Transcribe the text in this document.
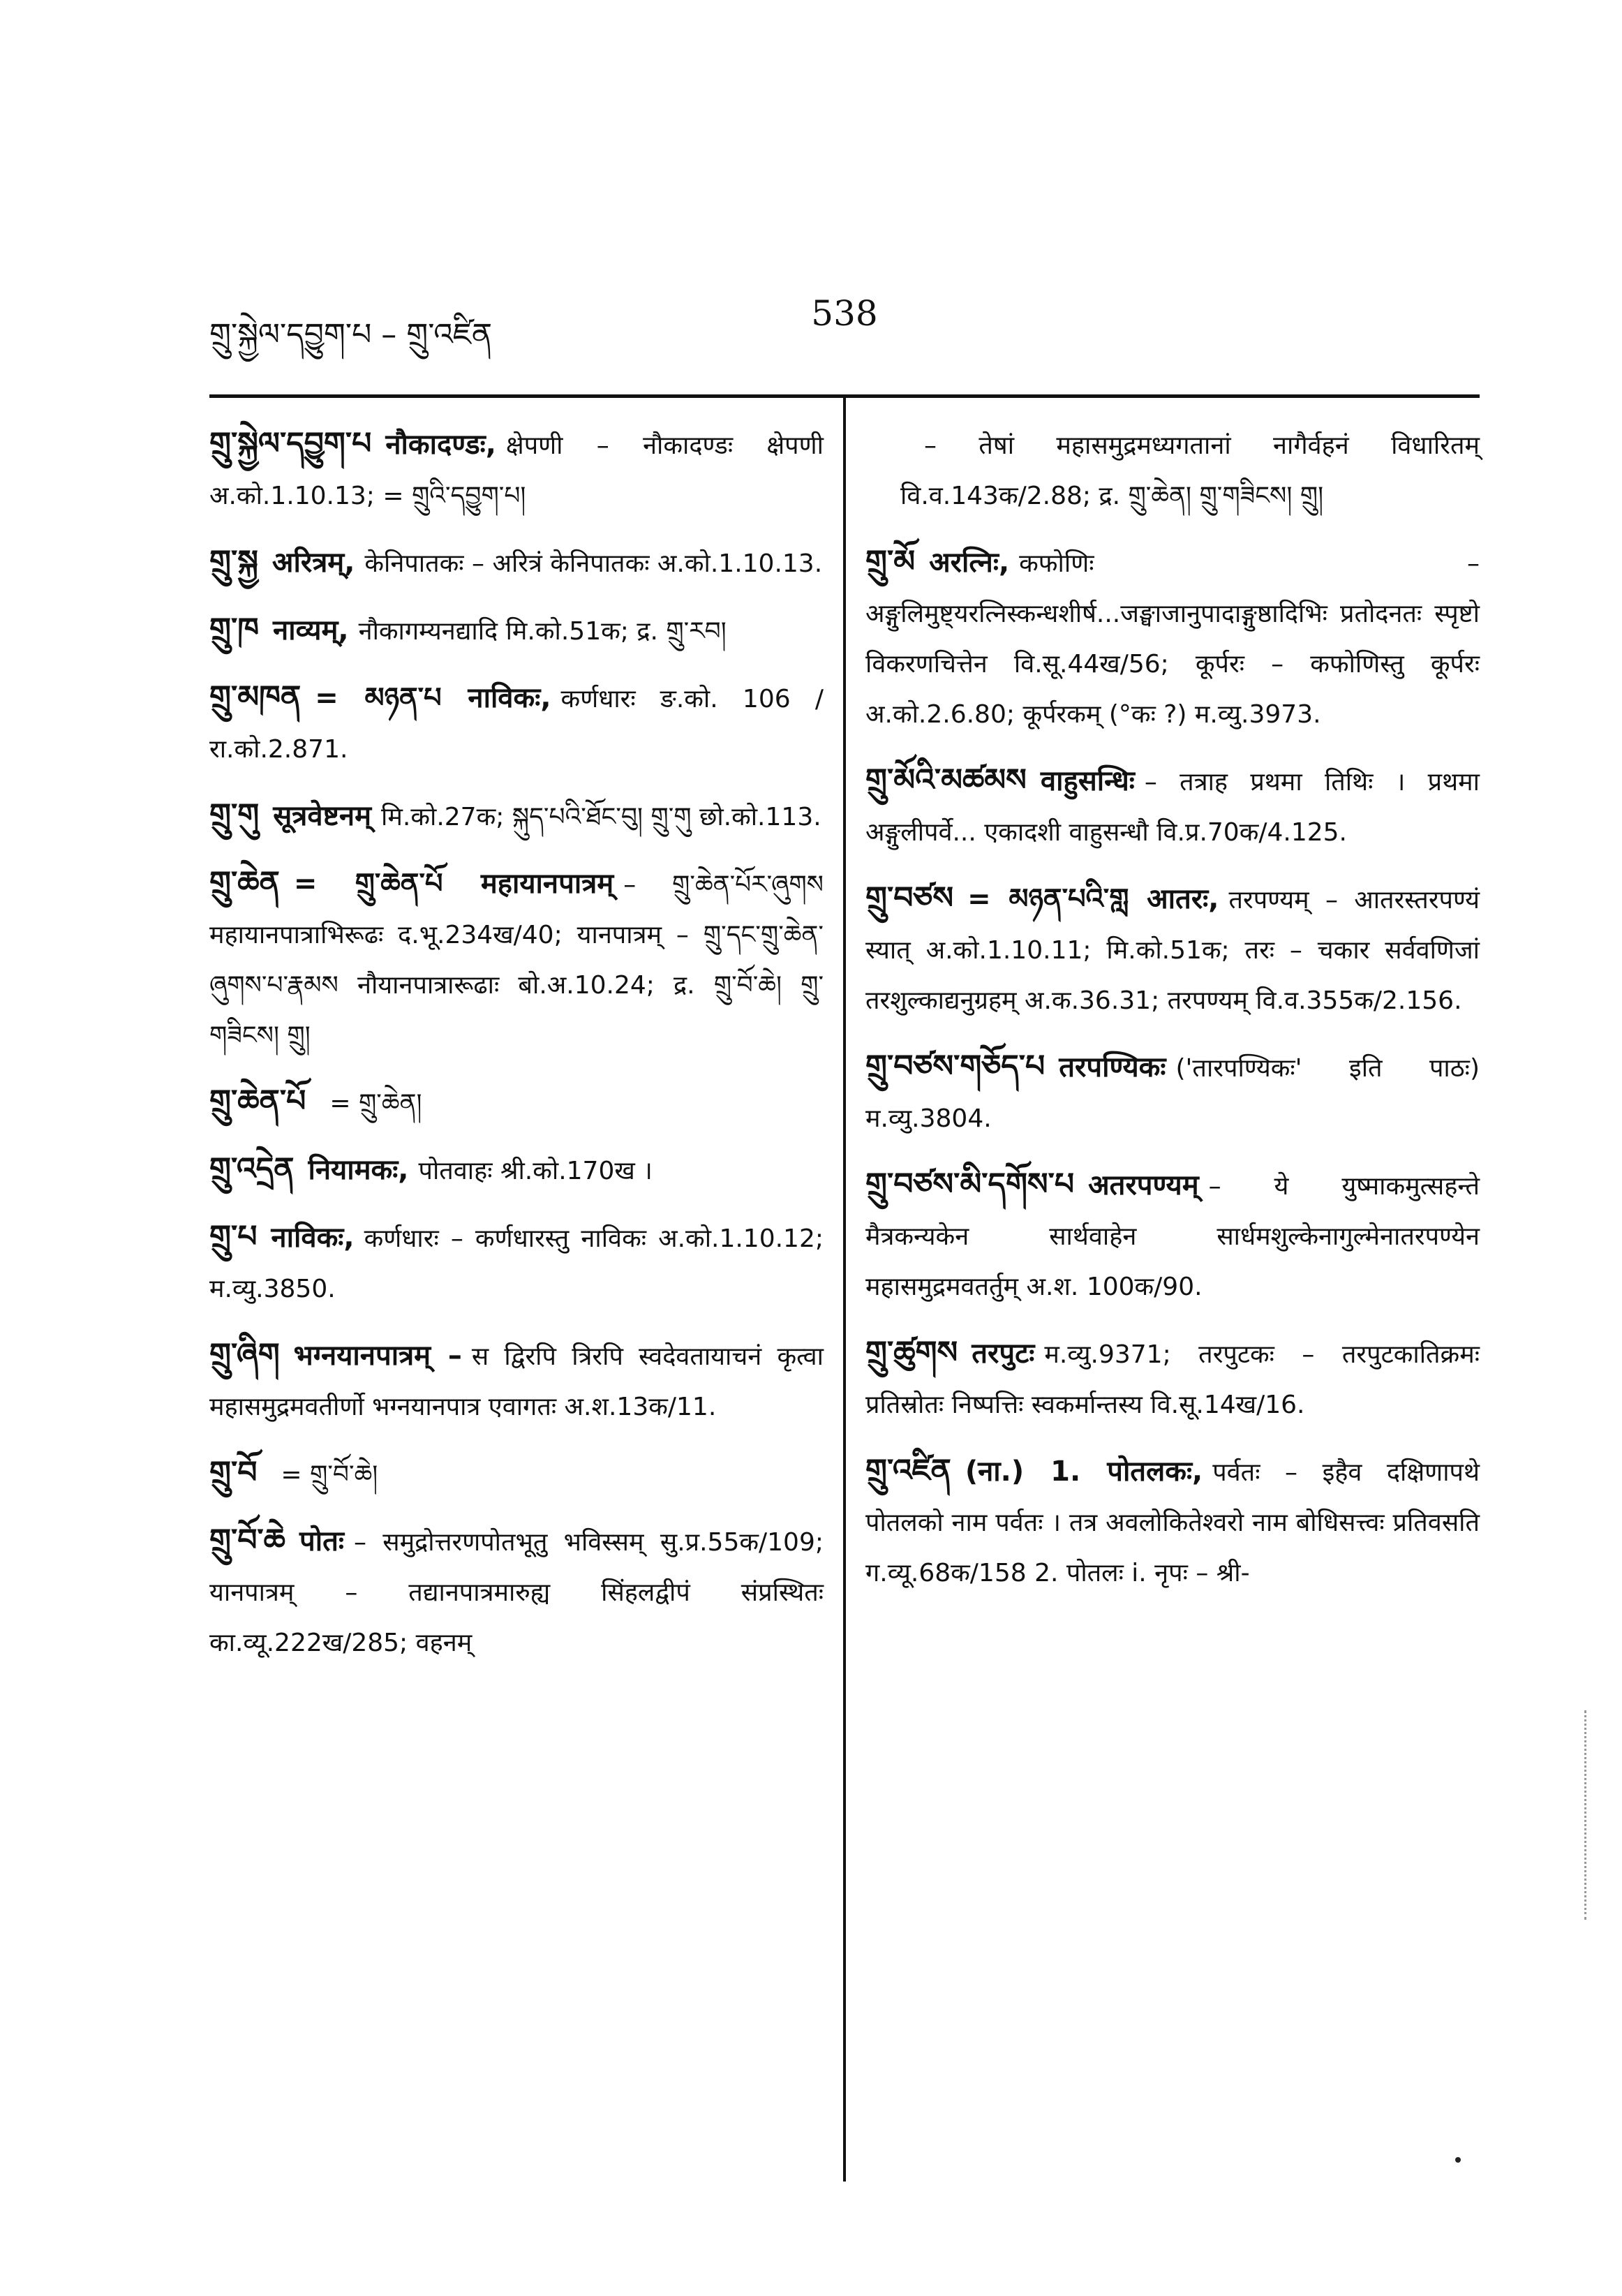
གྲུ་སྐྱེལ་དབྱུག་པ – གྲུ་འཛིན
538

གྲུ་སྐྱེལ་དབྱུག་པ नौकादण्डः, क्षेपणी – नौकादण्डः क्षेपणी अ.को.1.10.13; = གྲུའི་དབྱུག་པ།

གྲུ་སྐྱ अरित्रम्, केनिपातकः – अरित्रं केनिपातकः अ.को.1.10.13.

གྲུ་ཁ नाव्यम्, नौकागम्यनद्यादि मि.को.51क; द्र. གྲུ་རབ།

གྲུ་མཁན = མཉན་པ नाविकः, कर्णधारः ङ.को. 106 / रा.को.2.871.

གྲུ་གུ सूत्रवेष्टनम् मि.को.27क; སྐུད་པའི་ཐོང་བུ། གྲུ་གུ छो.को.113.

གྲུ་ཆེན = གྲུ་ཆེན་པོ महायानपात्रम् – གྲུ་ཆེན་པོར་ཞུགས महायानपात्राभिरूढः द.भू.234ख/40; यानपात्रम् – གྲུ་དང་གྲུ་ཆེན་ཞུགས་པ་རྣམས नौयानपात्रारूढाः बो.अ.10.24; द्र. གྲུ་བོ་ཆེ། གྲུ་གཟིངས། གྲུ།

གྲུ་ཆེན་པོ = གྲུ་ཆེན།

གྲུ་འདྲེན नियामकः, पोतवाहः श्री.को.170ख ।

གྲུ་པ नाविकः, कर्णधारः – कर्णधारस्तु नाविकः अ.को.1.10.12; म.व्यु.3850.

གྲུ་ཞིག भग्नयानपात्रम् – स द्विरपि त्रिरपि स्वदेवतायाचनं कृत्वा महासमुद्रमवतीर्णो भग्नयानपात्र एवागतः अ.श.13क/11.

གྲུ་བོ = གྲུ་བོ་ཆེ།

གྲུ་བོ་ཆེ पोतः – समुद्रोत्तरणपोतभूतु भविस्सम् सु.प्र.55क/109; यानपात्रम् – तद्यानपात्रमारुह्य सिंहलद्वीपं संप्रस्थितः का.व्यू.222ख/285; वहनम्

– तेषां महासमुद्रमध्यगतानां नागैर्वहनं विधारितम् वि.व.143क/2.88; द्र. གྲུ་ཆེན། གྲུ་གཟིངས། གྲུ།

གྲུ་མོ अरत्निः, कफोणिः – अङ्गुलिमुष्ट्यरत्निस्कन्धशीर्ष...जङ्घाजानुपादाङ्गुष्ठादिभिः प्रतोदनतः स्पृष्टो विकरणचित्तेन वि.सू.44ख/56; कूर्परः – कफोणिस्तु कूर्परः अ.को.2.6.80; कूर्परकम् (°कः ?) म.व्यु.3973.

གྲུ་མོའི་མཚམས वाहुसन्धिः – तत्राह प्रथमा तिथिः । प्रथमा अङ्गुलीपर्वे... एकादशी वाहुसन्धौ वि.प्र.70क/4.125.

གྲུ་བཙས = མཉན་པའི་གླ आतरः, तरपण्यम् – आतरस्तरपण्यं स्यात् अ.को.1.10.11; मि.को.51क; तरः – चकार सर्ववणिजां तरशुल्काद्यनुग्रहम् अ.क.36.31; तरपण्यम् वि.व.355क/2.156.

གྲུ་བཙས་གཅོད་པ तरपण्यिकः ('तारपण्यिकः' इति पाठः) म.व्यु.3804.

གྲུ་བཙས་མི་དགོས་པ अतरपण्यम् – ये युष्माकमुत्सहन्ते मैत्रकन्यकेन सार्थवाहेन सार्धमशुल्केनागुल्मेनातरपण्येन महासमुद्रमवतर्तुम् अ.श. 100क/90.

གྲུ་ཚུགས तरपुटः म.व्यु.9371; तरपुटकः – तरपुटकातिक्रमः प्रतिस्रोतः निष्पत्तिः स्वकर्मान्तस्य वि.सू.14ख/16.

གྲུ་འཛིན (ना.) 1. पोतलकः, पर्वतः – इहैव दक्षिणापथे पोतलको नाम पर्वतः । तत्र अवलोकितेश्वरो नाम बोधिसत्त्वः प्रतिवसति ग.व्यू.68क/158 2. पोतलः i. नृपः – श्री-
